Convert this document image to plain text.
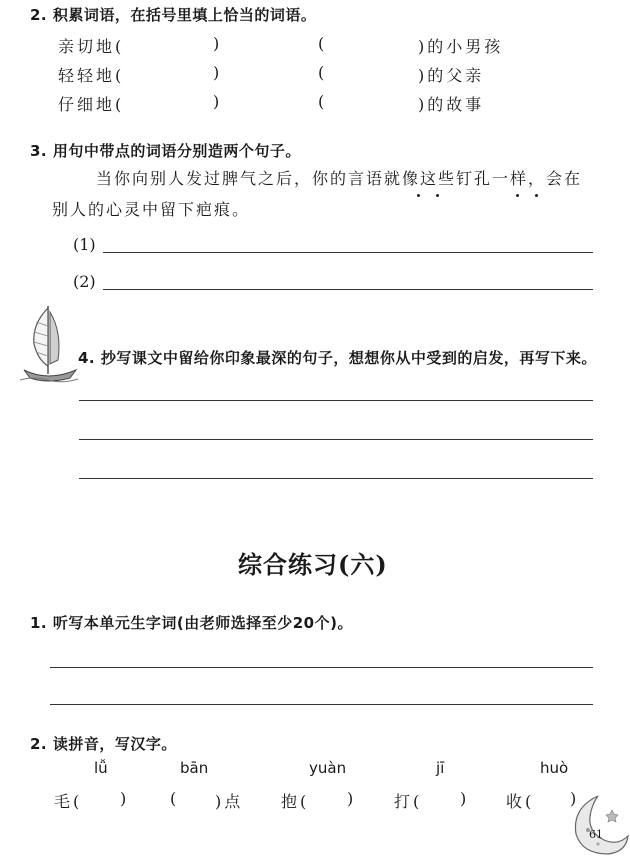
2. 积累词语，在括号里填上恰当的词语。
亲切地(	)	(	)的小男孩
轻轻地(	)	(	)的父亲
仔细地(	)	(	)的故事
3. 用句中带点的词语分别造两个句子。
当你向别人发过脾气之后，你的言语就像这些钉孔一样，会在
别人的心灵中留下疤痕。
(1)
(2)
4. 抄写课文中留给你印象最深的句子，想想你从中受到的启发，再写下来。
综合练习(六)
1. 听写本单元生字词(由老师选择至少20个)。
2. 读拼音，写汉字。
lǚ	bān	yuàn	jī	huò
毛( )	( )点 抱( ) 打( ) 收( )
61
